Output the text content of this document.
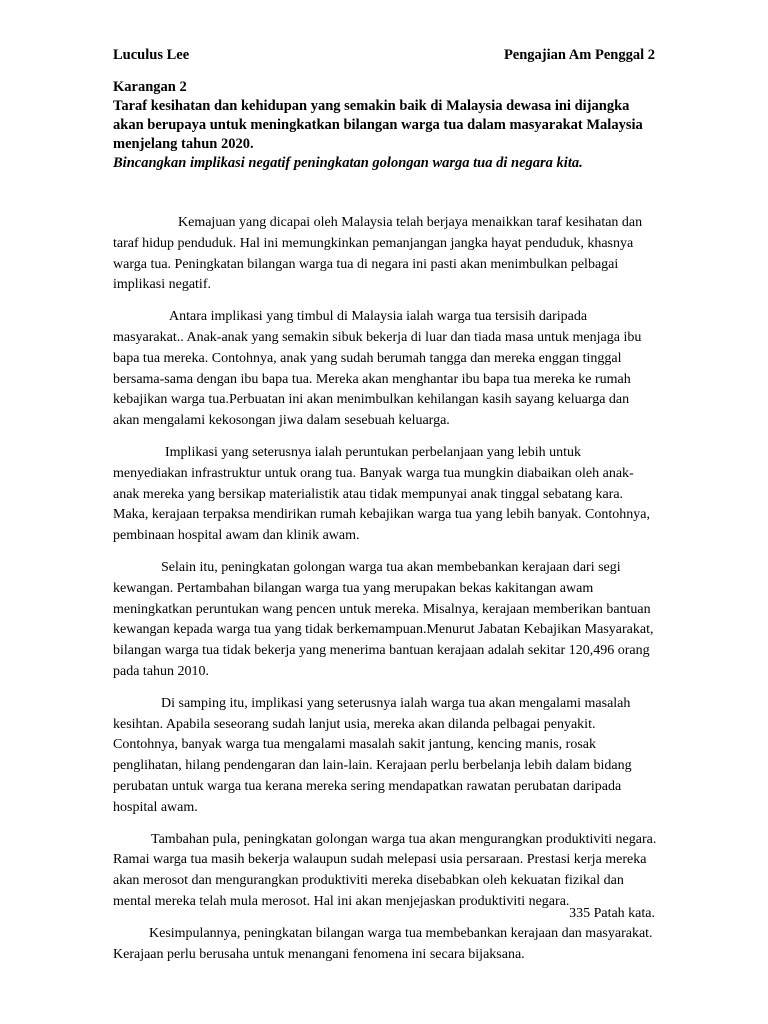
Luculus Lee	Pengajian Am Penggal 2
Karangan 2
Taraf kesihatan dan kehidupan yang semakin baik di Malaysia dewasa ini dijangka akan berupaya untuk meningkatkan bilangan warga tua dalam masyarakat Malaysia menjelang tahun 2020.
Bincangkan implikasi negatif peningkatan golongan warga tua di negara kita.

Kemajuan yang dicapai oleh Malaysia telah berjaya menaikkan taraf kesihatan dan taraf hidup penduduk. Hal ini memungkinkan pemanjangan jangka hayat penduduk, khasnya warga tua. Peningkatan bilangan warga tua di negara ini pasti akan menimbulkan pelbagai implikasi negatif.

Antara implikasi yang timbul di Malaysia ialah warga tua tersisih daripada masyarakat.. Anak-anak yang semakin sibuk bekerja di luar dan tiada masa untuk menjaga ibu bapa tua mereka. Contohnya, anak yang sudah berumah tangga dan mereka enggan tinggal bersama-sama dengan ibu bapa tua. Mereka akan menghantar ibu bapa tua mereka ke rumah kebajikan warga tua.Perbuatan ini akan menimbulkan kehilangan kasih sayang keluarga dan akan mengalami kekosongan jiwa dalam sesebuah keluarga.

Implikasi yang seterusnya ialah peruntukan perbelanjaan yang lebih untuk menyediakan infrastruktur untuk orang tua. Banyak warga tua mungkin diabaikan oleh anak-anak mereka yang bersikap materialistik atau tidak mempunyai anak tinggal sebatang kara. Maka, kerajaan terpaksa mendirikan rumah kebajikan warga tua yang lebih banyak. Contohnya, pembinaan hospital awam dan klinik awam.

Selain itu, peningkatan golongan warga tua akan membebankan kerajaan dari segi kewangan. Pertambahan bilangan warga tua yang merupakan bekas kakitangan awam meningkatkan peruntukan wang pencen untuk mereka. Misalnya, kerajaan memberikan bantuan kewangan kepada warga tua yang tidak berkemampuan.Menurut Jabatan Kebajikan Masyarakat, bilangan warga tua tidak bekerja yang menerima bantuan kerajaan adalah sekitar 120,496 orang pada tahun 2010.

Di samping itu, implikasi yang seterusnya ialah warga tua akan mengalami masalah kesihtan. Apabila seseorang sudah lanjut usia, mereka akan dilanda pelbagai penyakit. Contohnya, banyak warga tua mengalami masalah sakit jantung, kencing manis, rosak penglihatan, hilang pendengaran dan lain-lain. Kerajaan perlu berbelanja lebih dalam bidang perubatan untuk warga tua kerana mereka sering mendapatkan rawatan perubatan daripada hospital awam.

Tambahan pula, peningkatan golongan warga tua akan mengurangkan produktiviti negara. Ramai warga tua masih bekerja walaupun sudah melepasi usia persaraan. Prestasi kerja mereka akan merosot dan mengurangkan produktiviti mereka disebabkan oleh kekuatan fizikal dan mental mereka telah mula merosot. Hal ini akan menjejaskan produktiviti negara.

Kesimpulannya, peningkatan bilangan warga tua membebankan kerajaan dan masyarakat. Kerajaan perlu berusaha untuk menangani fenomena ini secara bijaksana.

335 Patah kata.
